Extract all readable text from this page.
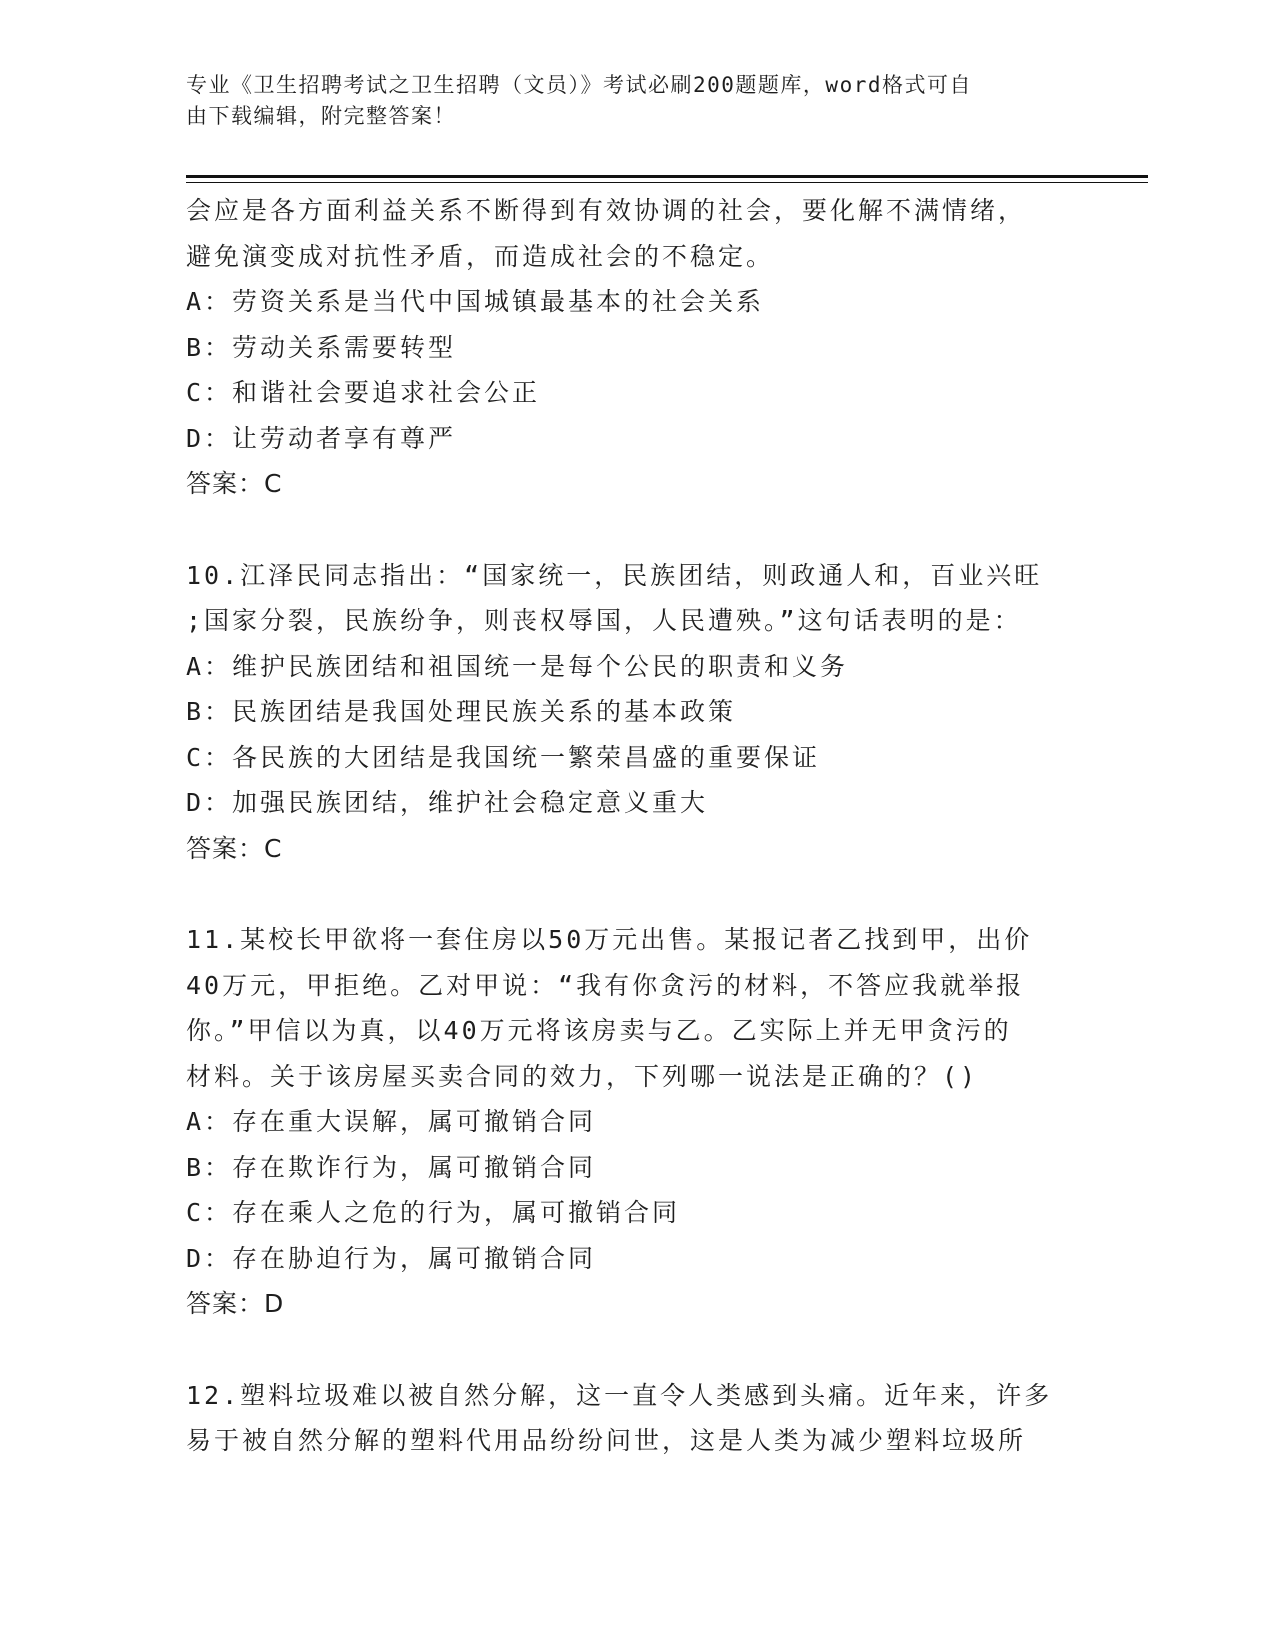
专业《卫生招聘考试之卫生招聘（文员）》考试必刷200题题库，word格式可自
由下载编辑，附完整答案！
会应是各方面利益关系不断得到有效协调的社会，要化解不满情绪，
避免演变成对抗性矛盾，而造成社会的不稳定。
A：劳资关系是当代中国城镇最基本的社会关系
B：劳动关系需要转型
C：和谐社会要追求社会公正
D：让劳动者享有尊严
答案：C
10.江泽民同志指出：“国家统一，民族团结，则政通人和，百业兴旺
;国家分裂，民族纷争，则丧权辱国，人民遭殃。”这句话表明的是：
A：维护民族团结和祖国统一是每个公民的职责和义务
B：民族团结是我国处理民族关系的基本政策
C：各民族的大团结是我国统一繁荣昌盛的重要保证
D：加强民族团结，维护社会稳定意义重大
答案：C
11.某校长甲欲将一套住房以50万元出售。某报记者乙找到甲，出价
40万元，甲拒绝。乙对甲说：“我有你贪污的材料，不答应我就举报
你。”甲信以为真，以40万元将该房卖与乙。乙实际上并无甲贪污的
材料。关于该房屋买卖合同的效力，下列哪一说法是正确的？()
A：存在重大误解，属可撤销合同
B：存在欺诈行为，属可撤销合同
C：存在乘人之危的行为，属可撤销合同
D：存在胁迫行为，属可撤销合同
答案：D
12.塑料垃圾难以被自然分解，这一直令人类感到头痛。近年来，许多
易于被自然分解的塑料代用品纷纷问世，这是人类为减少塑料垃圾所
